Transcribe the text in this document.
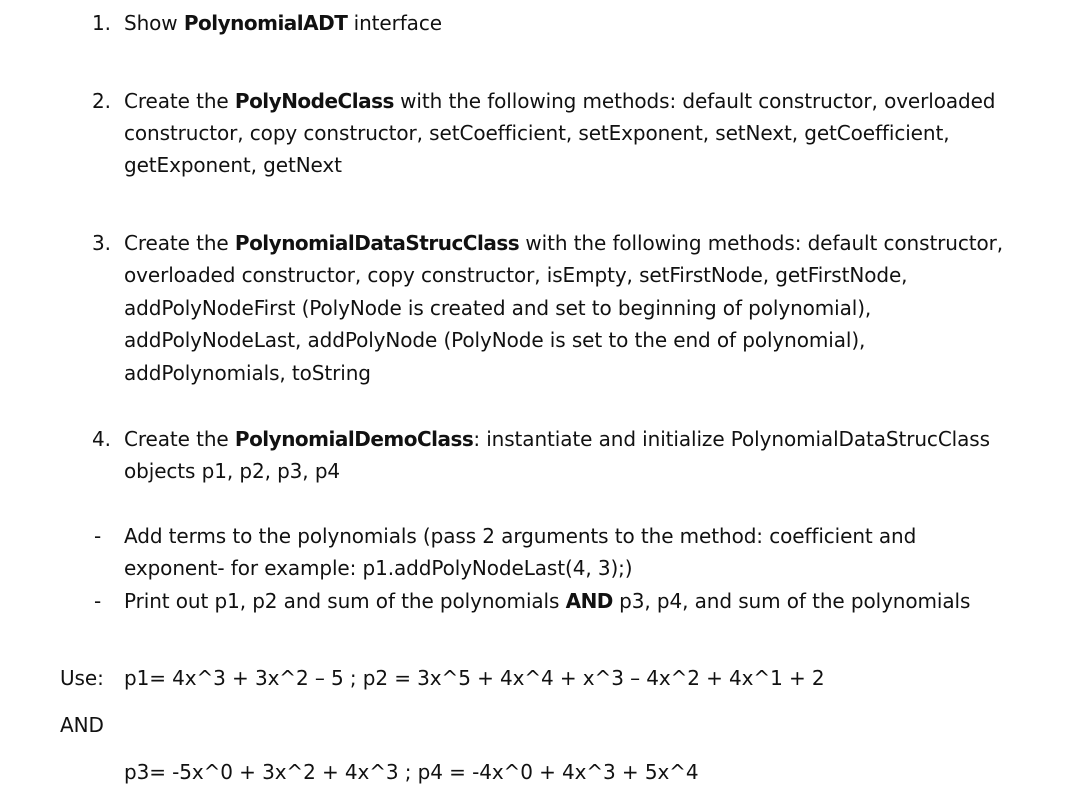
1. Show PolynomialADT interface
2. Create the PolyNodeClass with the following methods: default constructor, overloaded
constructor, copy constructor, setCoefficient, setExponent, setNext, getCoefficient,
getExponent, getNext
3. Create the PolynomialDataStrucClass with the following methods: default constructor,
overloaded constructor, copy constructor, isEmpty, setFirstNode, getFirstNode,
addPolyNodeFirst (PolyNode is created and set to beginning of polynomial),
addPolyNodeLast, addPolyNode (PolyNode is set to the end of polynomial),
addPolynomials, toString
4. Create the PolynomialDemoClass: instantiate and initialize PolynomialDataStrucClass
objects p1, p2, p3, p4
- Add terms to the polynomials (pass 2 arguments to the method: coefficient and
exponent- for example: p1.addPolyNodeLast(4, 3);)
- Print out p1, p2 and sum of the polynomials AND p3, p4, and sum of the polynomials
Use: p1= 4x^3 + 3x^2 – 5 ; p2 = 3x^5 + 4x^4 + x^3 – 4x^2 + 4x^1 + 2
AND
p3= -5x^0 + 3x^2 + 4x^3 ; p4 = -4x^0 + 4x^3 + 5x^4
